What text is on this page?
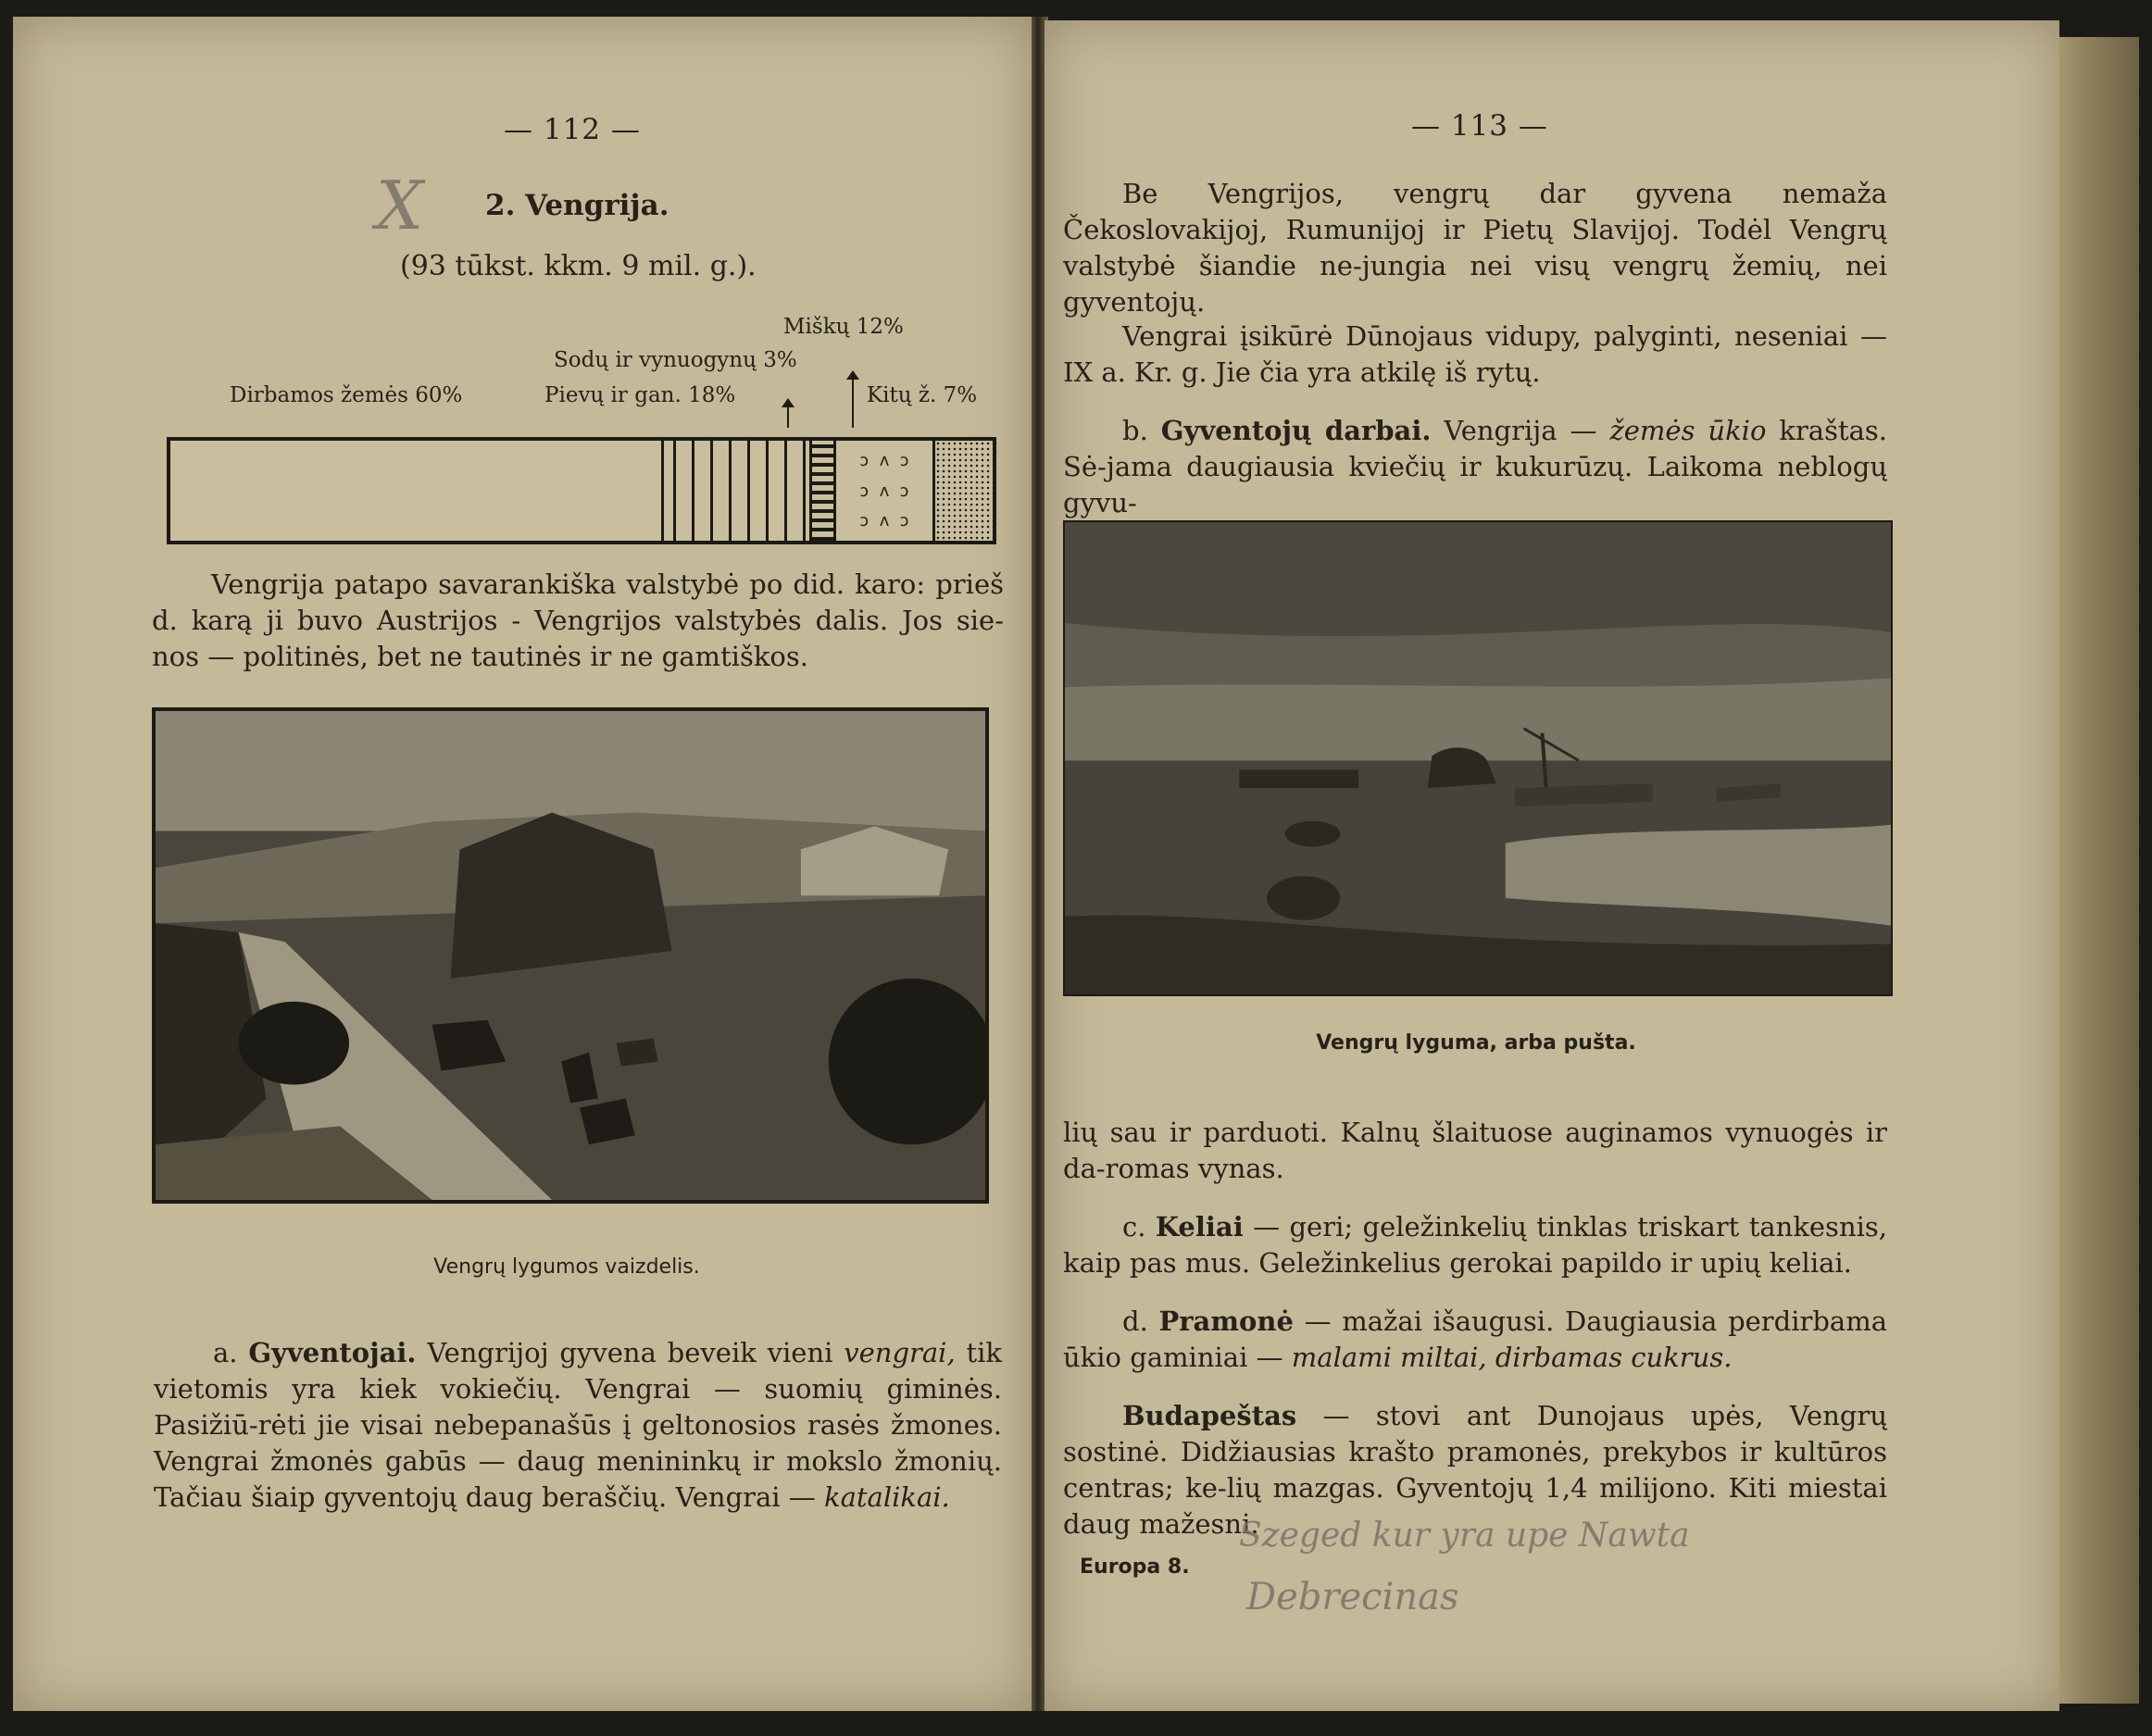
— 112 —
X 2. Vengrija.
(93 tūkst. kkm. 9 mil. g.).
Miškų 12%
Sodų ir vynuogynų 3%
Dirbamos žemės 60%	Pievų ir gan. 18%	Kitų ž. 7%
ɔ ʌ ɔ
ɔ ʌ ɔ
ɔ ʌ ɔ

Vengrija patapo savarankiška valstybė po did. karo: prieš

d. karą ji buvo Austrijos - Vengrijos valstybės dalis. Jos sie-

nos — politinės, bet ne tautinės ir ne gamtiškos.

Vengrų lygumos vaizdelis.

a. Gyventojai. Vengrijoj gyvena beveik vieni vengrai, tik vietomis yra kiek vokiečių. Vengrai — suomių giminės. Pasižiū-rėti jie visai nebepanašūs į geltonosios rasės žmones. Vengrai žmonės gabūs — daug menininkų ir mokslo žmonių. Tačiau šiaip gyventojų daug beraščių. Vengrai — katalikai.

— 113 —

Be Vengrijos, vengrų dar gyvena nemaža Čekoslovakijoj, Rumunijoj ir Pietų Slavijoj. Todėl Vengrų valstybė šiandie ne-jungia nei visų vengrų žemių, nei gyventojų.

Vengrai įsikūrė Dūnojaus vidupy, palyginti, neseniai — IX a. Kr. g. Jie čia yra atkilę iš rytų.

b. Gyventojų darbai. Vengrija — žemės ūkio kraštas. Sė-jama daugiausia kviečių ir kukurūzų. Laikoma neblogų gyvu-

Vengrų lyguma, arba pušta.

lių sau ir parduoti. Kalnų šlaituose auginamos vynuogės ir da-romas vynas.

c. Keliai — geri; geležinkelių tinklas triskart tankesnis, kaip pas mus. Geležinkelius gerokai papildo ir upių keliai.

d. Pramonė — mažai išaugusi. Daugiausia perdirbama ūkio gaminiai — malami miltai, dirbamas cukrus.

Budapeštas — stovi ant Dunojaus upės, Vengrų sostinė. Didžiausias krašto pramonės, prekybos ir kultūros centras; ke-lių mazgas. Gyventojų 1,4 milijono. Kiti miestai daug mažesni.

Europa 8.
Szeged kur yra upe Nawta
Debrecinas
